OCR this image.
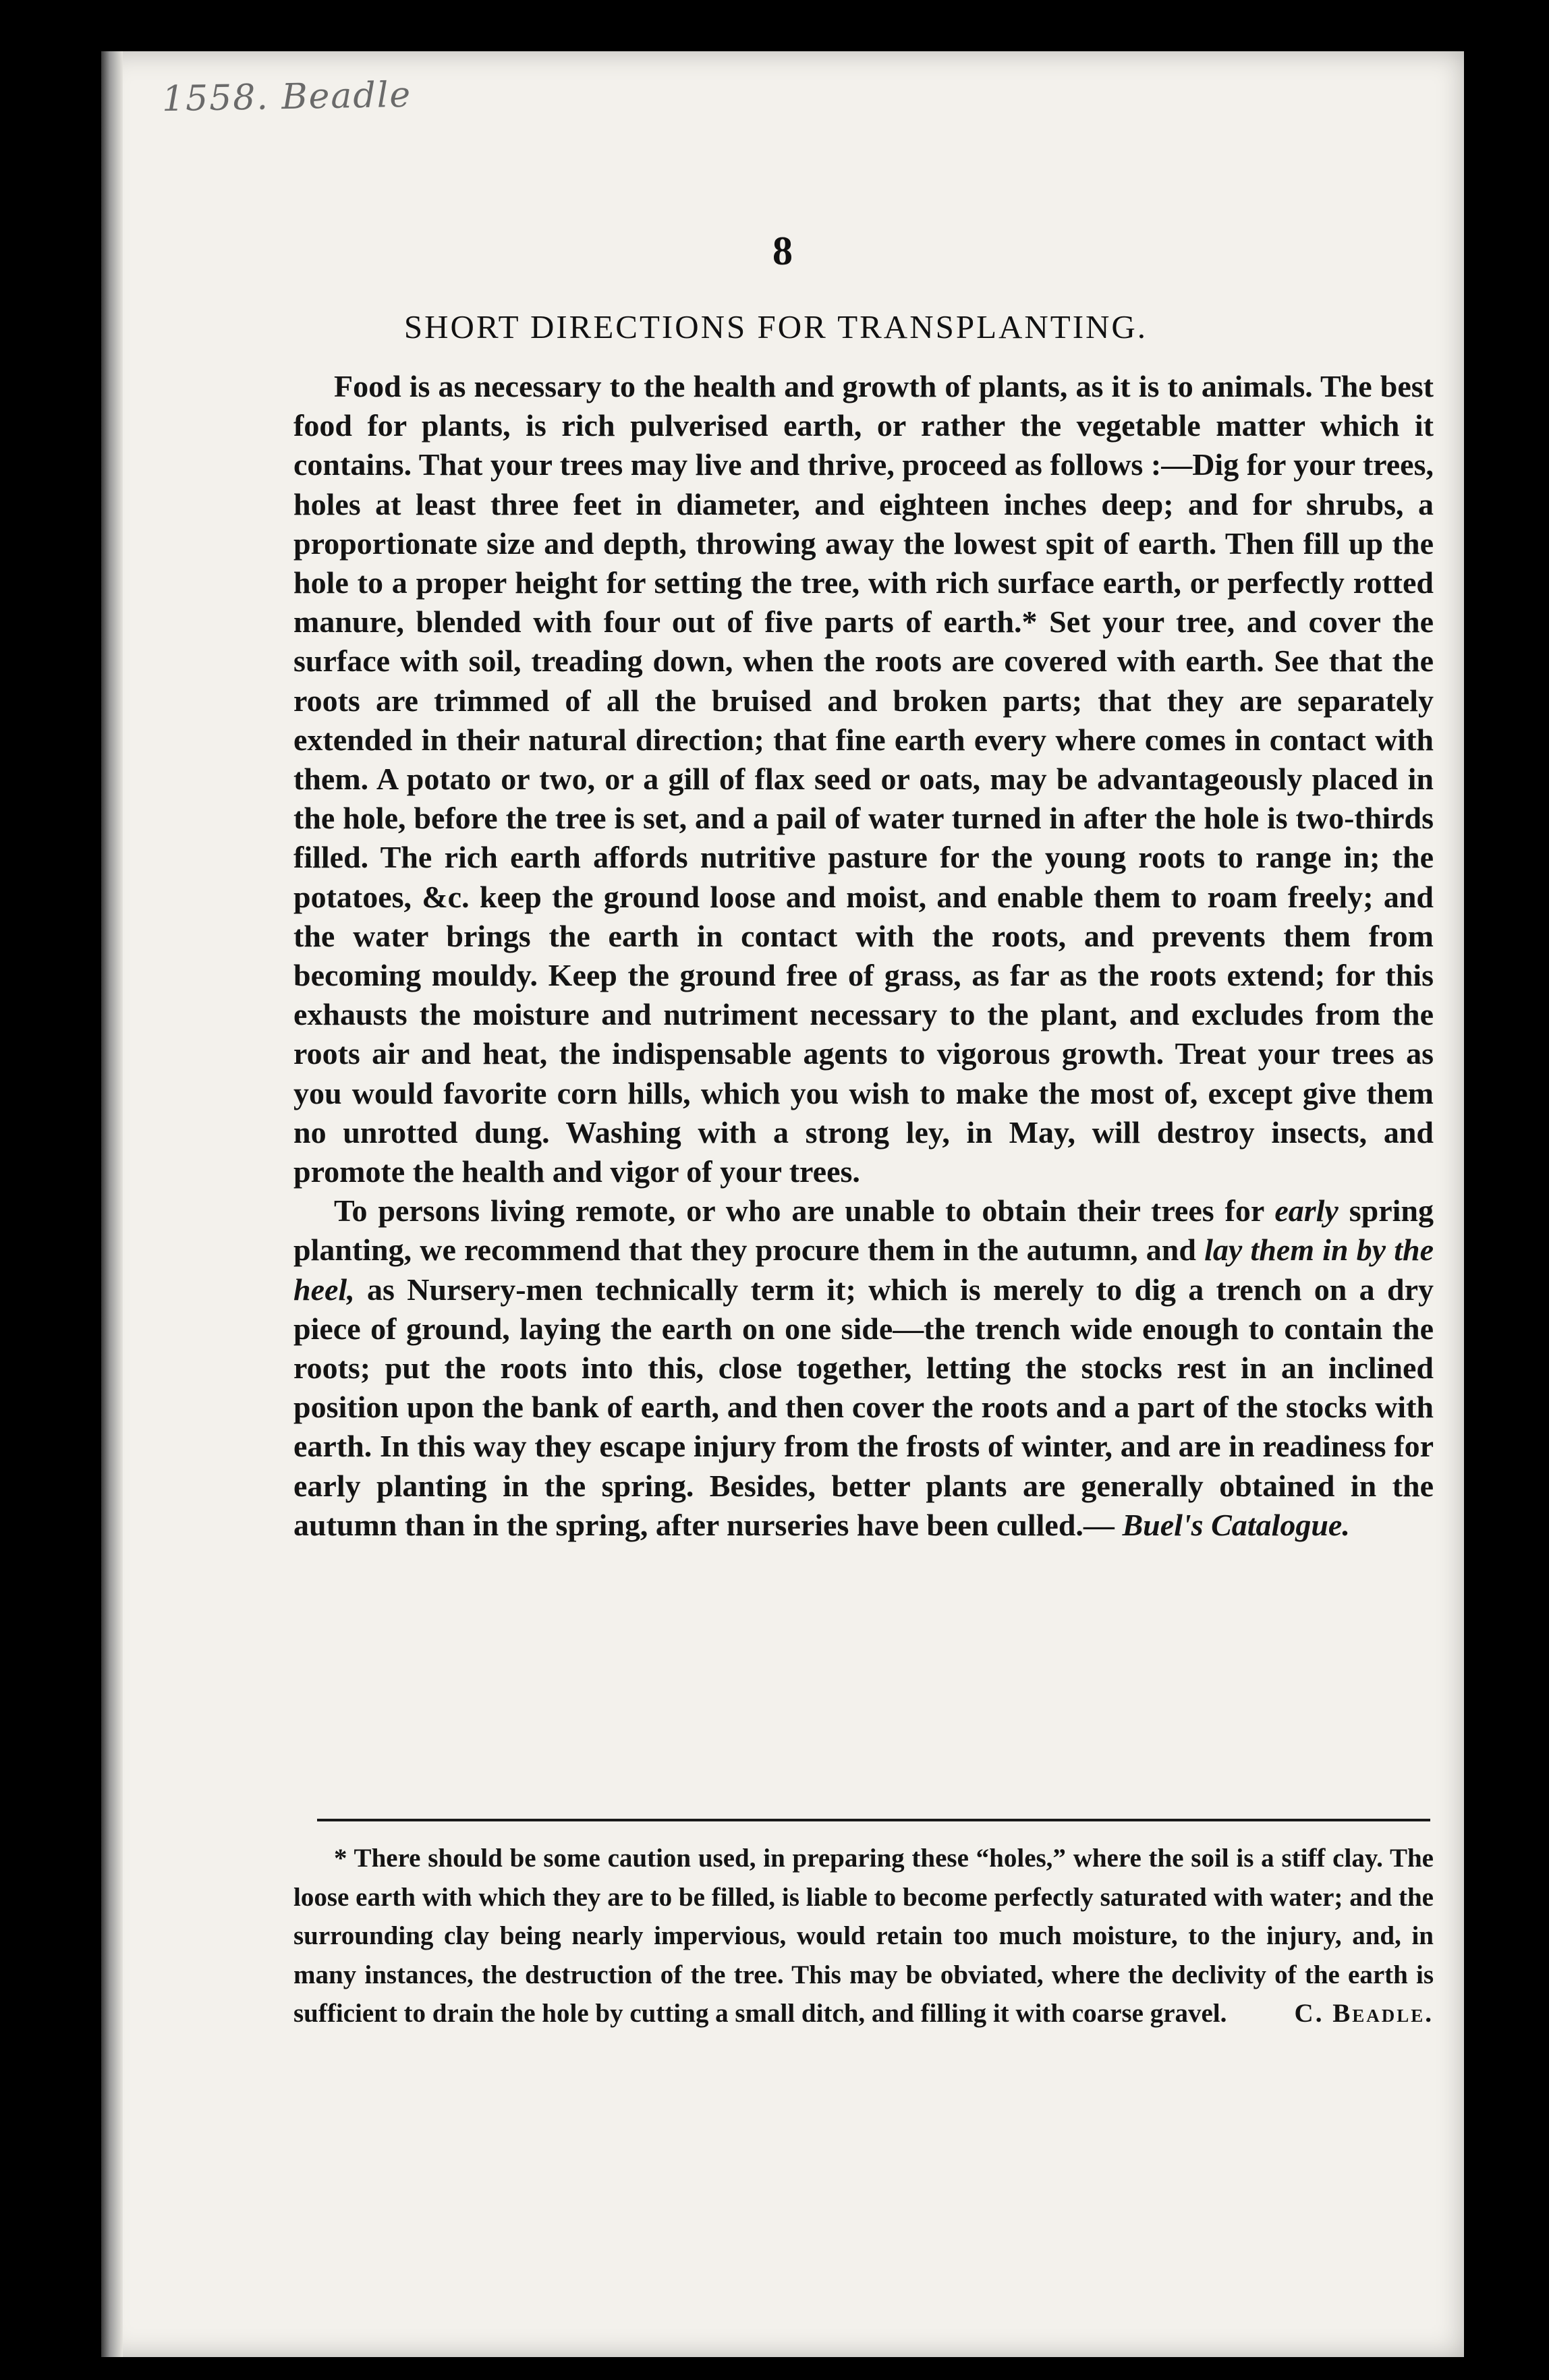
1558. Beadle
8
SHORT DIRECTIONS FOR TRANSPLANTING.

Food is as necessary to the health and growth of plants, as it is to animals. The best food for plants, is rich pulverised earth, or rather the vegetable matter which it contains. That your trees may live and thrive, proceed as follows :—Dig for your trees, holes at least three feet in diameter, and eighteen inches deep; and for shrubs, a proportionate size and depth, throwing away the lowest spit of earth. Then fill up the hole to a proper height for setting the tree, with rich surface earth, or perfectly rotted manure, blended with four out of five parts of earth.* Set your tree, and cover the surface with soil, treading down, when the roots are covered with earth. See that the roots are trimmed of all the bruised and broken parts; that they are separately extended in their natural direction; that fine earth every where comes in contact with them. A potato or two, or a gill of flax seed or oats, may be advantageously placed in the hole, before the tree is set, and a pail of water turned in after the hole is two-thirds filled. The rich earth affords nutritive pasture for the young roots to range in; the potatoes, &c. keep the ground loose and moist, and enable them to roam freely; and the water brings the earth in contact with the roots, and prevents them from becoming mouldy. Keep the ground free of grass, as far as the roots extend; for this exhausts the moisture and nutriment necessary to the plant, and excludes from the roots air and heat, the indispensable agents to vigorous growth. Treat your trees as you would favorite corn hills, which you wish to make the most of, except give them no unrotted dung. Washing with a strong ley, in May, will destroy insects, and promote the health and vigor of your trees.

To persons living remote, or who are unable to obtain their trees for early spring planting, we recommend that they procure them in the autumn, and lay them in by the heel, as Nursery-men technically term it; which is merely to dig a trench on a dry piece of ground, laying the earth on one side—the trench wide enough to contain the roots; put the roots into this, close together, letting the stocks rest in an inclined position upon the bank of earth, and then cover the roots and a part of the stocks with earth. In this way they escape injury from the frosts of winter, and are in readiness for early planting in the spring. Besides, better plants are generally obtained in the autumn than in the spring, after nurseries have been culled.— Buel's Catalogue.

* There should be some caution used, in preparing these “holes,” where the soil is a stiff clay. The loose earth with which they are to be filled, is liable to become perfectly saturated with water; and the surrounding clay being nearly impervious, would retain too much moisture, to the injury, and, in many instances, the destruction of the tree. This may be obviated, where the declivity of the earth is sufficient to drain the hole by cutting a small ditch, and filling it with coarse gravel.	C. Beadle.
